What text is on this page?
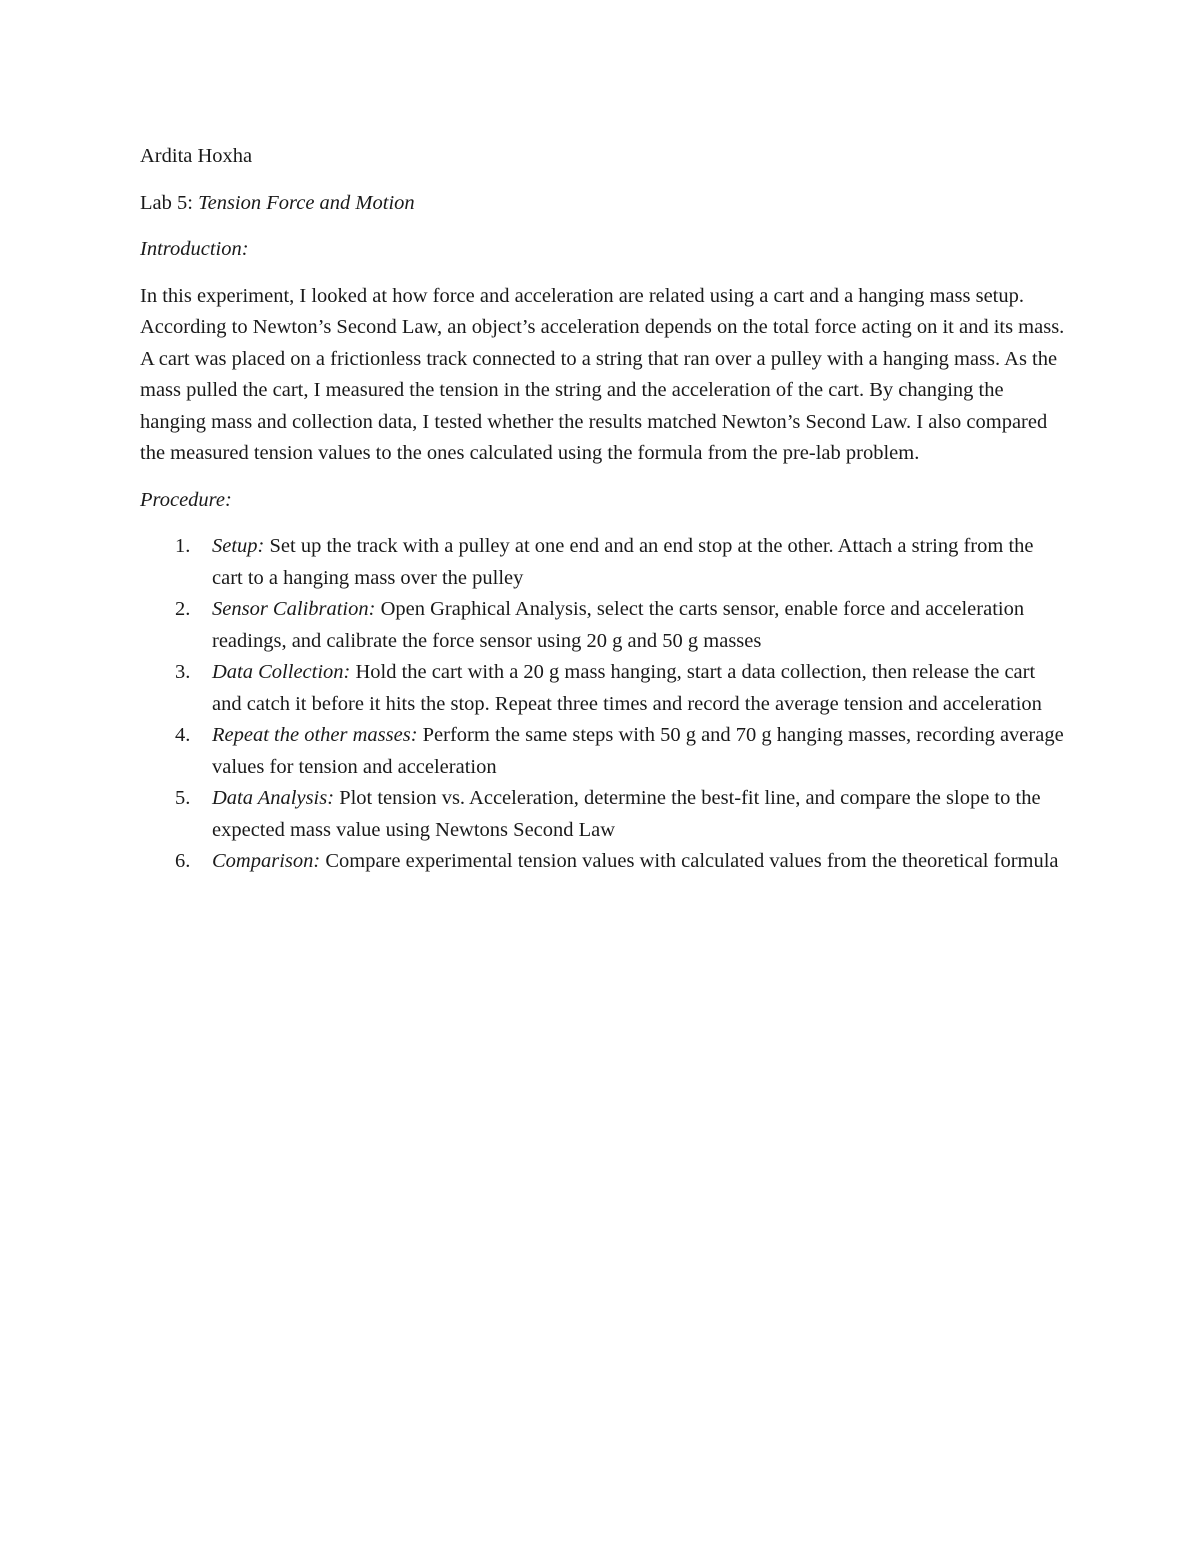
Ardita Hoxha

Lab 5: Tension Force and Motion

Introduction:

In this experiment, I looked at how force and acceleration are related using a cart and a hanging mass setup. According to Newton’s Second Law, an object’s acceleration depends on the total force acting on it and its mass. A cart was placed on a frictionless track connected to a string that ran over a pulley with a hanging mass. As the mass pulled the cart, I measured the tension in the string and the acceleration of the cart. By changing the hanging mass and collection data, I tested whether the results matched Newton’s Second Law. I also compared the measured tension values to the ones calculated using the formula from the pre-lab problem.

Procedure:

1. Setup: Set up the track with a pulley at one end and an end stop at the other. Attach a string from the cart to a hanging mass over the pulley
2. Sensor Calibration: Open Graphical Analysis, select the carts sensor, enable force and acceleration readings, and calibrate the force sensor using 20 g and 50 g masses
3. Data Collection: Hold the cart with a 20 g mass hanging, start a data collection, then release the cart and catch it before it hits the stop. Repeat three times and record the average tension and acceleration
4. Repeat the other masses: Perform the same steps with 50 g and 70 g hanging masses, recording average values for tension and acceleration
5. Data Analysis: Plot tension vs. Acceleration, determine the best-fit line, and compare the slope to the expected mass value using Newtons Second Law
6. Comparison: Compare experimental tension values with calculated values from the theoretical formula
